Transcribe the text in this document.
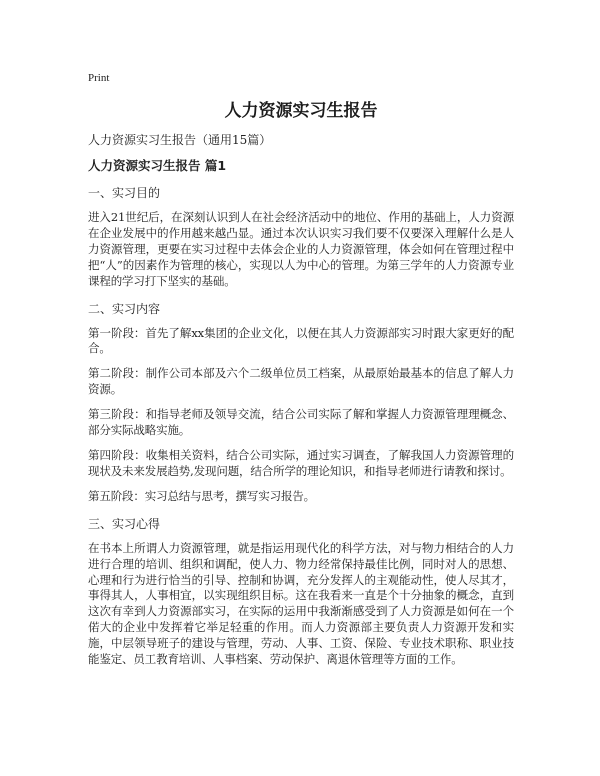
Print

人力资源实习生报告

人力资源实习生报告（通用15篇）

人力资源实习生报告 篇1

一、实习目的

进入21世纪后，在深刻认识到人在社会经济活动中的地位、作用的基础上，人力资源在企业发展中的作用越来越凸显。通过本次认识实习我们要不仅要深入理解什么是人力资源管理，更要在实习过程中去体会企业的人力资源管理，体会如何在管理过程中把“人”的因素作为管理的核心，实现以人为中心的管理。为第三学年的人力资源专业课程的学习打下坚实的基础。

二、实习内容

第一阶段：首先了解xx集团的企业文化，以便在其人力资源部实习时跟大家更好的配合。

第二阶段：制作公司本部及六个二级单位员工档案，从最原始最基本的信息了解人力资源。

第三阶段：和指导老师及领导交流，结合公司实际了解和掌握人力资源管理理概念、部分实际战略实施。

第四阶段：收集相关资料，结合公司实际，通过实习调查，了解我国人力资源管理的现状及未来发展趋势,发现问题，结合所学的理论知识，和指导老师进行请教和探讨。

第五阶段：实习总结与思考，撰写实习报告。

三、实习心得

在书本上所谓人力资源管理，就是指运用现代化的科学方法，对与物力相结合的人力进行合理的培训、组织和调配，使人力、物力经常保持最佳比例，同时对人的思想、心理和行为进行恰当的引导、控制和协调，充分发挥人的主观能动性，使人尽其才，事得其人，人事相宜，以实现组织目标。这在我看来一直是个十分抽象的概念，直到这次有幸到人力资源部实习，在实际的运用中我渐渐感受到了人力资源是如何在一个偌大的企业中发挥着它举足轻重的作用。而人力资源部主要负责人力资源开发和实施，中层领导班子的建设与管理，劳动、人事、工资、保险、专业技术职称、职业技能鉴定、员工教育培训、人事档案、劳动保护、离退休管理等方面的工作。
